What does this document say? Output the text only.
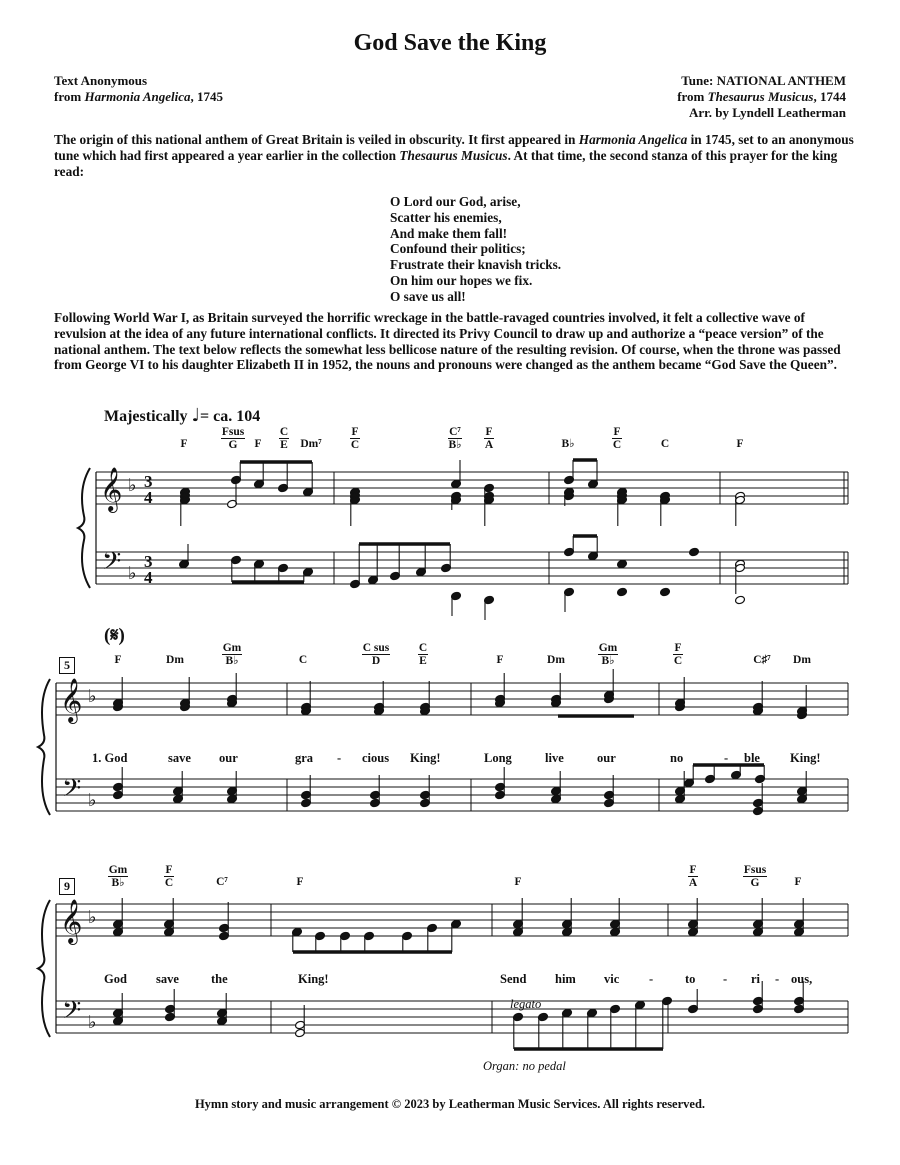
God Save the King
Text Anonymous
from Harmonia Angelica, 1745
Tune: NATIONAL ANTHEM
from Thesaurus Musicus, 1744
Arr. by Lyndell Leatherman
The origin of this national anthem of Great Britain is veiled in obscurity. It first appeared in Harmonia Angelica in 1745, set to an anonymous tune which had first appeared a year earlier in the collection Thesaurus Musicus. At that time, the second stanza of this prayer for the king read:
O Lord our God, arise,
Scatter his enemies,
And make them fall!
Confound their politics;
Frustrate their knavish tricks.
On him our hopes we fix.
O save us all!
Following World War I, as Britain surveyed the horrific wreckage in the battle-ravaged countries involved, it felt a collective wave of revulsion at the idea of any future international conflicts. It directed its Privy Council to draw up and authorize a “peace version” of the national anthem. The text below reflects the somewhat less bellicose nature of the resulting revision. Of course, when the throne was passed from George VI to his daughter Elizabeth II in 1952, the nouns and pronouns were changed as the anthem became “God Save the Queen”.
Majestically ♩= ca. 104
(𝄋)
5
9
F	$\frac{\text{Fsus}}{G}$ F	$\frac{C}{E} Dm^7$	$\frac{F}{C}$	$\frac{\text{C⁷}}{B♭} \frac{F}{A}$	B♭	$\frac{F}{C}$	C	F
F	Dm	$\frac{Gm}{B♭}$	C	$\frac{\text{C sus}}{D} \frac{C}{E}$	F	Dm	$\frac{Gm}{B♭}$	$\frac{F}{C}$	C♯⁷	Dm
$\frac{Gm}{B♭}$	$\frac{F}{C}$	C⁷	F	F	$\frac{F}{A}$	$\frac{\text{Fsus}}{G}$	F
1. God	save our	gra - cious King!	Long	live	our	no	- ble King!
God save	the	King!	Send him vic -	to - ri - ous,
legato
Organ: no pedal
𝄞
𝄢
♭
♭
3
4
3
4
𝄞
𝄢
♭
♭
𝄞
𝄢
♭
♭
Hymn story and music arrangement © 2023 by Leatherman Music Services. All rights reserved.
